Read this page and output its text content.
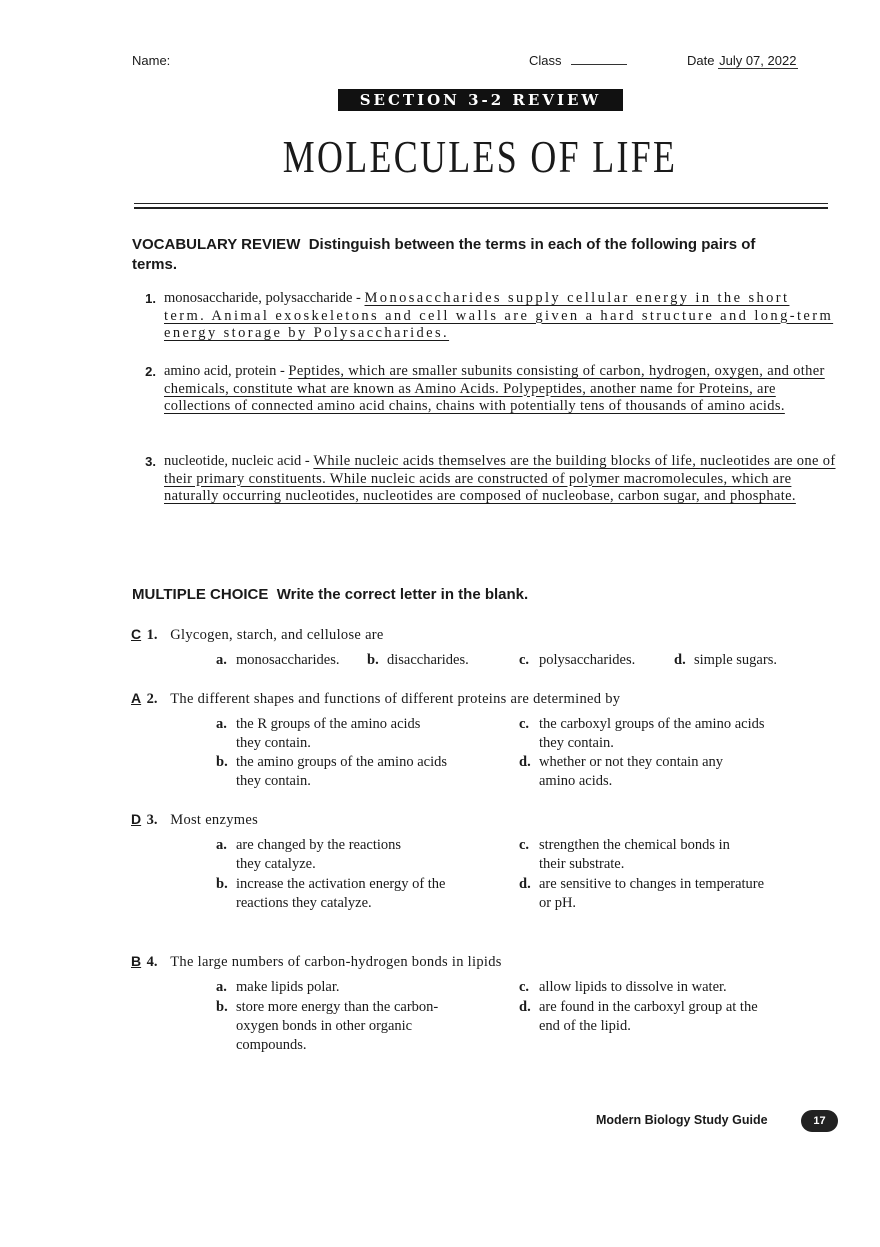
Name:	Class	Date July 07, 2022
SECTION 3-2 REVIEW
MOLECULES OF LIFE
VOCABULARY REVIEW Distinguish between the terms in each of the following pairs of terms.
1. monosaccharide, polysaccharide - Monosaccharides supply cellular energy in the short term. Animal exoskeletons and cell walls are given a hard structure and long-term energy storage by Polysaccharides.
2. amino acid, protein - Peptides, which are smaller subunits consisting of carbon, hydrogen, oxygen, and other chemicals, constitute what are known as Amino Acids. Polypeptides, another name for Proteins, are collections of connected amino acid chains, chains with potentially tens of thousands of amino acids.
3. nucleotide, nucleic acid - While nucleic acids themselves are the building blocks of life, nucleotides are one of their primary constituents. While nucleic acids are constructed of polymer macromolecules, which are naturally occurring nucleotides, nucleotides are composed of nucleobase, carbon sugar, and phosphate.
MULTIPLE CHOICE Write the correct letter in the blank.
C 1. Glycogen, starch, and cellulose are
a. monosaccharides. b. disaccharides.	c. polysaccharides.	d. simple sugars.
A 2. The different shapes and functions of different proteins are determined by
a. the R groups of the amino acids
they contain.
b. the amino groups of the amino acids
they contain.
c. the carboxyl groups of the amino acids
they contain.
d. whether or not they contain any
amino acids.
D 3. Most enzymes
a. are changed by the reactions
they catalyze.
b. increase the activation energy of the
reactions they catalyze.
c. strengthen the chemical bonds in
their substrate.
d. are sensitive to changes in temperature
or pH.
B 4. The large numbers of carbon-hydrogen bonds in lipids
a. make lipids polar.
b. store more energy than the carbon-
oxygen bonds in other organic
compounds.
c. allow lipids to dissolve in water.
d. are found in the carboxyl group at the
end of the lipid.
Modern Biology Study Guide	17
